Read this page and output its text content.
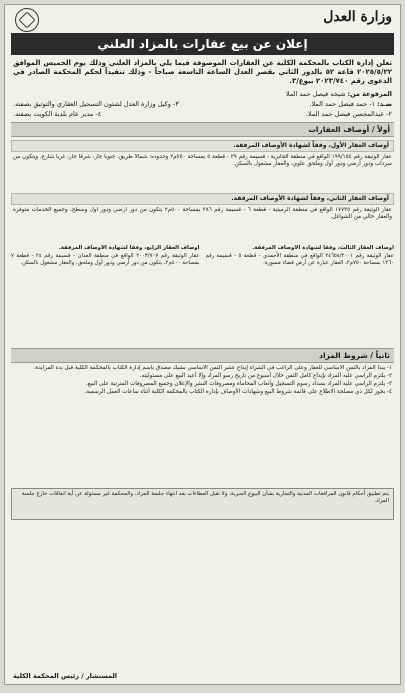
وزارة العدل
إعلان عن بيع عقارات بالمزاد العلني
تعلن إدارة الكتاب بالمحكمة الكلية عن العقارات الموصوفة فيما يلي بالمزاد العلني وذلك يوم الخميس الموافق ٢٠٢٥/٥/٢٢ قاعة ٥٢ بالدور الثاني بقصر العدل الساعة التاسعة صباحاً - وذلك تنفيذاً لحكم المحكمة الصادر في الدعوى رقم ٢٠٢٣/٧٤٠ بيوع/٣.
المرفوعة من: شيخه فيصل حمد الملا
ضـد: ١- حمد فيصل حمد الملا.
٣- وكيل وزارة العدل لشئون التسجيل العقاري والتوثيق بصفته.
٢- عبدالمحسن فيصل حمد الملا.
٤- مدير عام بلدية الكويت بصفته.
أولاً / أوصاف العقارات
أوصاف العقار الأول، وفقاً لشهادة الأوصاف المرفقة.
عقار الوثيقة رقم ١٩٩/١٥٤ الواقع في منطقة الجابرية - قسيمة رقم ٢٩ - قطعة ٥ بمساحة ٧٥٠م٢ وحدوده: شمالاً طريق، جنوباً جار، شرقاً جار، غرباً شارع، ويتكون من سرداب ودور أرضي ودور أول وملحق علوي، والعقار مشغول بالسكن.
أوصاف العقار الثاني، وفقاً لشهادة الأوصاف المرفقة.
عقار الوثيقة رقم ١٧٧٣٥ الواقع في منطقة الرميثية - قطعة ٦ - قسيمة رقم ٣٨٦ بمساحة ٥٠٠م٢ يتكون من دور أرضي ودور أول وسطح، وجميع الخدمات متوفرة والعقار خالي من الشواغل.

أوصاف العقار الثالث، وفقاً لشهادة الأوصاف المرفقة.

عقار الوثيقة رقم ٢٤٦٥٤/٢٠٠١ الواقع في منطقة الأحمدي - قطعة ٥ - قسيمة رقم ١٢٦٠ بمساحة ٧٥٠م٢، العقار عبارة عن أرض فضاء مسورة.

أوصاف العقار الرابع، وفقاً لشهادة الأوصاف المرفقة.

عقار الوثيقة رقم ٢٠٠٣/٧٠٧ الواقع في منطقة العدان - قسيمة رقم ٢٤ - قطعة ٧ بمساحة ٤٠٠م٢، يتكون من دور أرضي ودور أول وملحق، والعقار مشغول بالسكن.

ثانياً / شروط المزاد

١- يبدأ المزاد بالثمن الأساسي للعقار وعلى الراغب في الشراء إيداع عشر الثمن الأساسي بشيك مصدق باسم إدارة الكتاب بالمحكمة الكلية قبل بدء المزايدة.

٢- يلتزم الراسي عليه المزاد بإيداع كامل الثمن خلال أسبوع من تاريخ رسو المزاد وإلا أعيد البيع على مسئوليته.

٣- يلتزم الراسي عليه المزاد بسداد رسوم التسجيل وأتعاب المحاماة ومصروفات النشر والإعلان وجميع المصروفات المترتبة على البيع.

٤- يجوز لكل ذي مصلحة الاطلاع على قائمة شروط البيع وشهادات الأوصاف بإدارة الكتاب بالمحكمة الكلية أثناء ساعات العمل الرسمية.

يتم تطبيق أحكام قانون المرافعات المدنية والتجارية بشأن البيوع الجبرية، ولا تقبل العطاءات بعد انتهاء جلسة المزاد، والمحكمة غير مسئولة عن أية اتفاقات خارج جلسة المزاد.
المستشار / رئيس المحكمة الكلية
